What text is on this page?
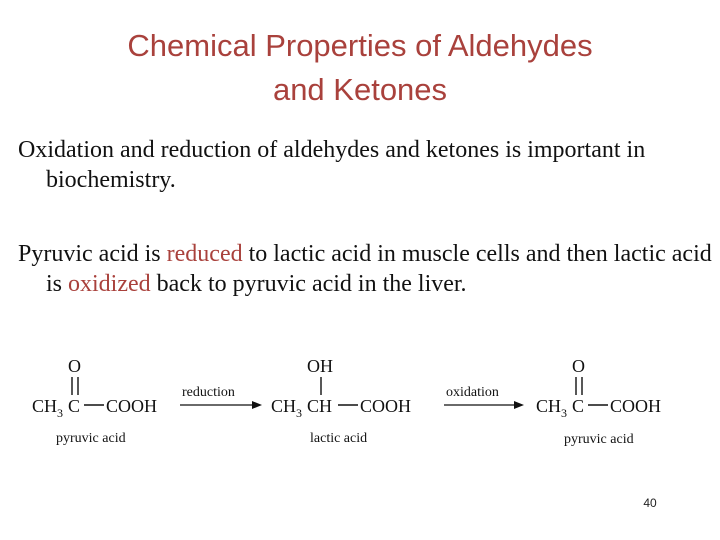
Chemical Properties of Aldehydes
and Ketones
Oxidation and reduction of aldehydes and ketones is important in biochemistry.
Pyruvic acid is reduced to lactic acid in muscle cells and then lactic acid is oxidized back to pyruvic acid in the liver.
O
$CH_3$ C COOH
pyruvic acid
reduction
OH
$CH_3$ CH COOH
lactic acid
oxidation
O
$CH_3$ C COOH
pyruvic acid
40
